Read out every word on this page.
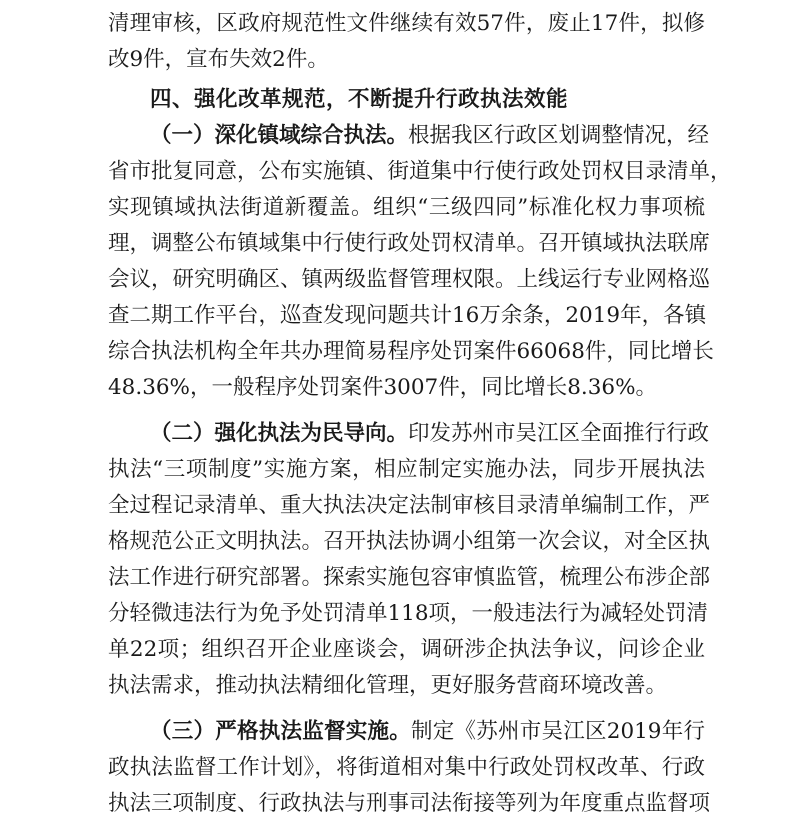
清理审核，区政府规范性文件继续有效57件，废止17件，拟修
改9件，宣布失效2件。
四、强化改革规范，不断提升行政执法效能
（一）深化镇域综合执法。根据我区行政区划调整情况，经
省市批复同意，公布实施镇、街道集中行使行政处罚权目录清单，
实现镇域执法街道新覆盖。组织“三级四同”标准化权力事项梳
理，调整公布镇域集中行使行政处罚权清单。召开镇域执法联席
会议，研究明确区、镇两级监督管理权限。上线运行专业网格巡
查二期工作平台，巡查发现问题共计16万余条，2019年，各镇
综合执法机构全年共办理简易程序处罚案件66068件，同比增长
48.36%，一般程序处罚案件3007件，同比增长8.36%。
（二）强化执法为民导向。印发苏州市吴江区全面推行行政
执法“三项制度”实施方案，相应制定实施办法，同步开展执法
全过程记录清单、重大执法决定法制审核目录清单编制工作，严
格规范公正文明执法。召开执法协调小组第一次会议，对全区执
法工作进行研究部署。探索实施包容审慎监管，梳理公布涉企部
分轻微违法行为免予处罚清单118项，一般违法行为减轻处罚清
单22项；组织召开企业座谈会，调研涉企执法争议，问诊企业
执法需求，推动执法精细化管理，更好服务营商环境改善。
（三）严格执法监督实施。制定《苏州市吴江区2019年行
政执法监督工作计划》，将街道相对集中行政处罚权改革、行政
执法三项制度、行政执法与刑事司法衔接等列为年度重点监督项
